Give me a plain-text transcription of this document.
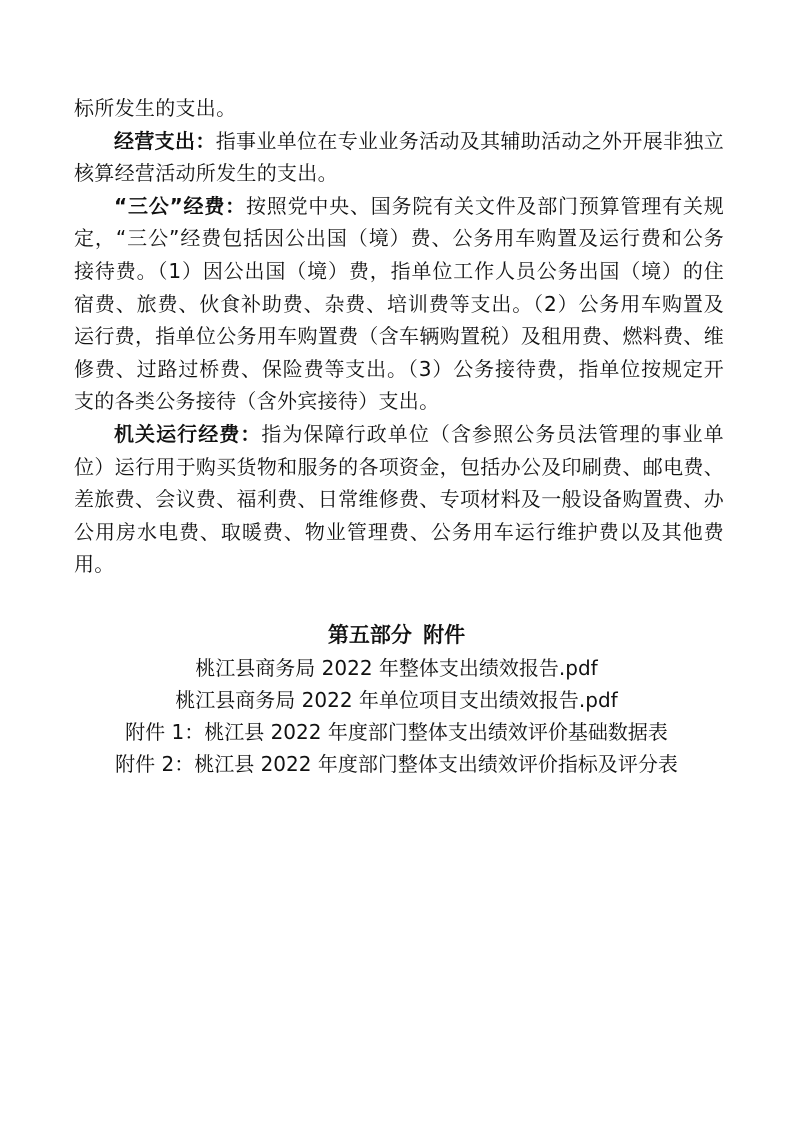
标所发生的支出。

经营支出：指事业单位在专业业务活动及其辅助活动之外开展非独立核算经营活动所发生的支出。

“三公”经费：按照党中央、国务院有关文件及部门预算管理有关规定，“三公”经费包括因公出国（境）费、公务用车购置及运行费和公务接待费。（1）因公出国（境）费，指单位工作人员公务出国（境）的住宿费、旅费、伙食补助费、杂费、培训费等支出。（2）公务用车购置及运行费，指单位公务用车购置费（含车辆购置税）及租用费、燃料费、维修费、过路过桥费、保险费等支出。（3）公务接待费，指单位按规定开支的各类公务接待（含外宾接待）支出。

机关运行经费：指为保障行政单位（含参照公务员法管理的事业单位）运行用于购买货物和服务的各项资金，包括办公及印刷费、邮电费、差旅费、会议费、福利费、日常维修费、专项材料及一般设备购置费、办公用房水电费、取暖费、物业管理费、公务用车运行维护费以及其他费用。

第五部分 附件

桃江县商务局 2022 年整体支出绩效报告.pdf

桃江县商务局 2022 年单位项目支出绩效报告.pdf

附件 1：桃江县 2022 年度部门整体支出绩效评价基础数据表

附件 2：桃江县 2022 年度部门整体支出绩效评价指标及评分表
